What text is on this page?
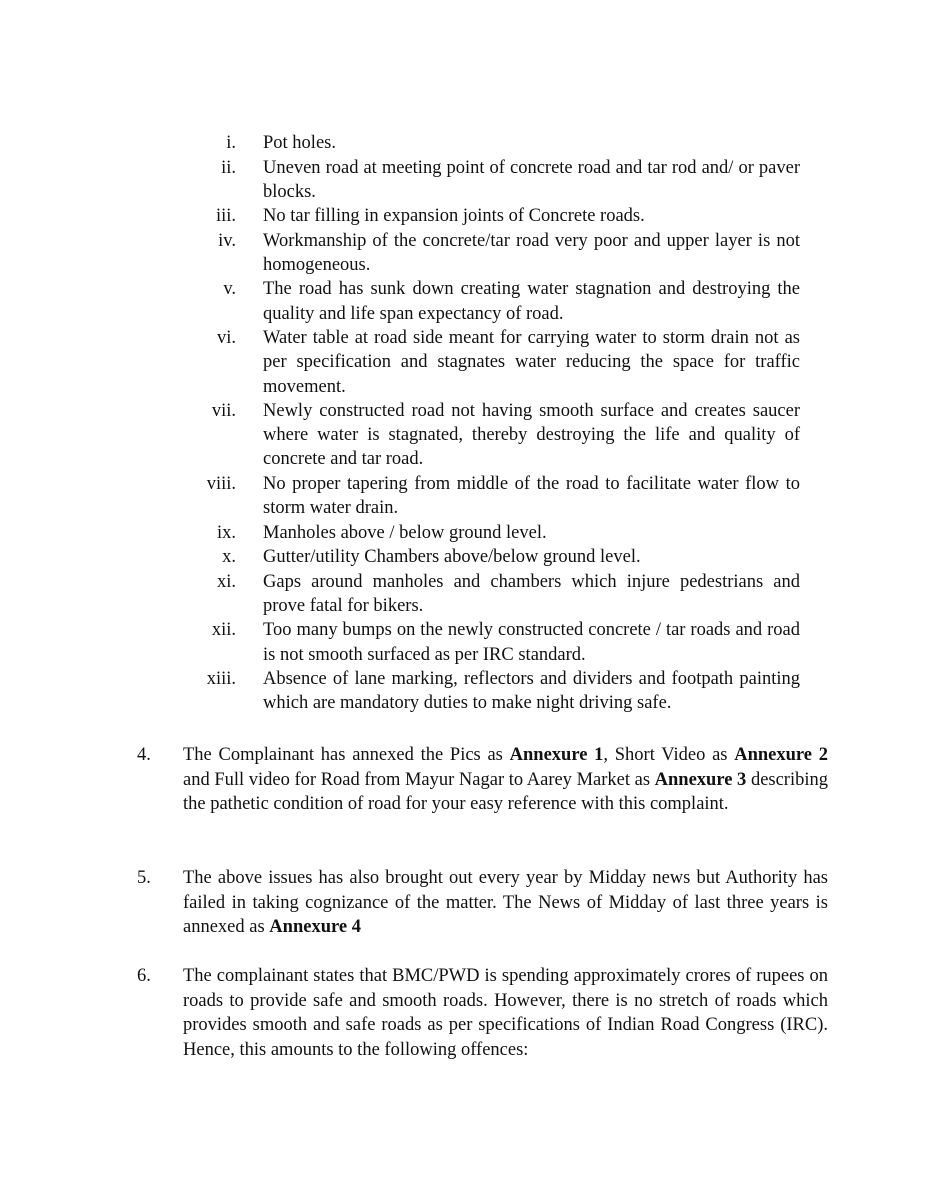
i.	Pot holes.
ii.	Uneven road at meeting point of concrete road and tar rod and/ or paver blocks.
iii.	No tar filling in expansion joints of Concrete roads.
iv.	Workmanship of the concrete/tar road very poor and upper layer is not homogeneous.
v.	The road has sunk down creating water stagnation and destroying the quality and life span expectancy of road.
vi.	Water table at road side meant for carrying water to storm drain not as per specification and stagnates water reducing the space for traffic movement.
vii.	Newly constructed road not having smooth surface and creates saucer where water is stagnated, thereby destroying the life and quality of concrete and tar road.
viii.	No proper tapering from middle of the road to facilitate water flow to storm water drain.
ix.	Manholes above / below ground level.
x.	Gutter/utility Chambers above/below ground level.
xi.	Gaps around manholes and chambers which injure pedestrians and prove fatal for bikers.
xii.	Too many bumps on the newly constructed concrete / tar roads and road is not smooth surfaced as per IRC standard.
xiii.	Absence of lane marking, reflectors and dividers and footpath painting which are mandatory duties to make night driving safe.
4.	The Complainant has annexed the Pics as Annexure 1, Short Video as Annexure 2 and Full video for Road from Mayur Nagar to Aarey Market as Annexure 3 describing the pathetic condition of road for your easy reference with this complaint.
5.	The above issues has also brought out every year by Midday news but Authority has failed in taking cognizance of the matter. The News of Midday of last three years is annexed as Annexure 4
6.	The complainant states that BMC/PWD is spending approximately crores of rupees on roads to provide safe and smooth roads. However, there is no stretch of roads which provides smooth and safe roads as per specifications of Indian Road Congress (IRC). Hence, this amounts to the following offences:
